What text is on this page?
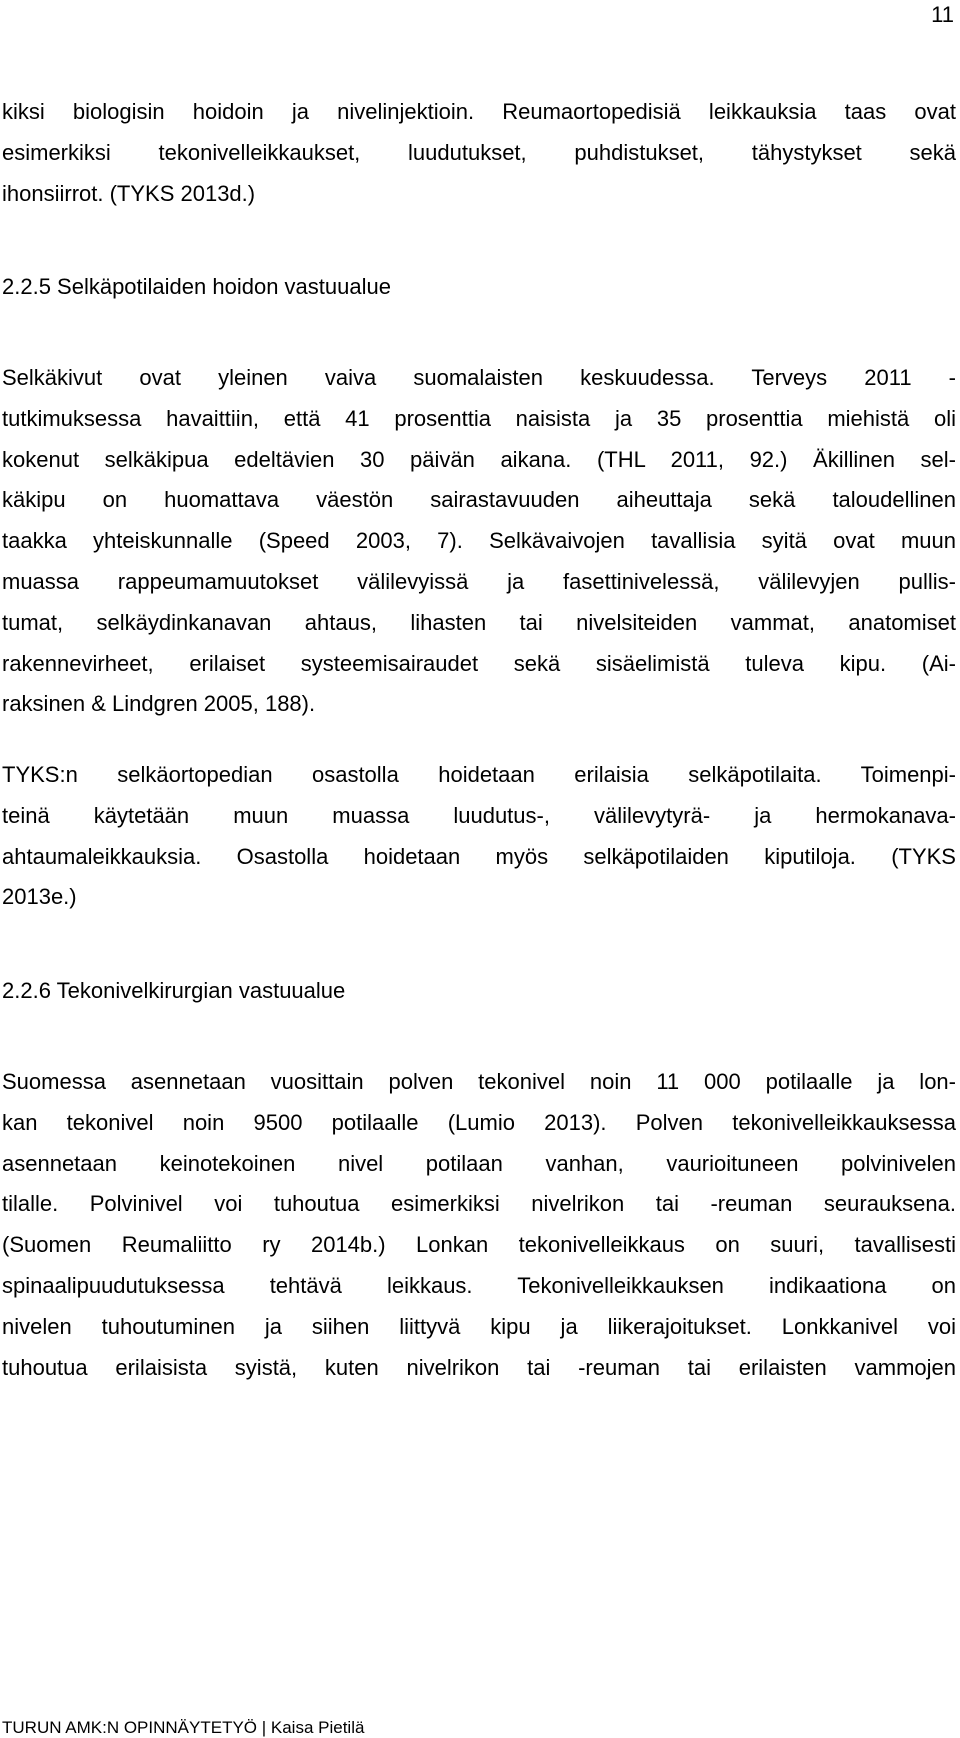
11
kiksi biologisin hoidoin ja nivelinjektioin. Reumaortopedisiä leikkauksia taas ovat
esimerkiksi tekonivelleikkaukset, luudutukset, puhdistukset, tähystykset sekä
ihonsiirrot. (TYKS 2013d.)
2.2.5 Selkäpotilaiden hoidon vastuualue
Selkäkivut ovat yleinen vaiva suomalaisten keskuudessa. Terveys 2011 -
tutkimuksessa havaittiin, että 41 prosenttia naisista ja 35 prosenttia miehistä oli
kokenut selkäkipua edeltävien 30 päivän aikana. (THL 2011, 92.) Äkillinen sel-
käkipu on huomattava väestön sairastavuuden aiheuttaja sekä taloudellinen
taakka yhteiskunnalle (Speed 2003, 7). Selkävaivojen tavallisia syitä ovat muun
muassa rappeumamuutokset välilevyissä ja fasettinivelessä, välilevyjen pullis-
tumat, selkäydinkanavan ahtaus, lihasten tai nivelsiteiden vammat, anatomiset
rakennevirheet, erilaiset systeemisairaudet sekä sisäelimistä tuleva kipu. (Ai-
raksinen & Lindgren 2005, 188).
TYKS:n selkäortopedian osastolla hoidetaan erilaisia selkäpotilaita. Toimenpi-
teinä käytetään muun muassa luudutus-, välilevytyrä- ja hermokanava-
ahtaumaleikkauksia. Osastolla hoidetaan myös selkäpotilaiden kiputiloja. (TYKS
2013e.)
2.2.6 Tekonivelkirurgian vastuualue
Suomessa asennetaan vuosittain polven tekonivel noin 11 000 potilaalle ja lon-
kan tekonivel noin 9500 potilaalle (Lumio 2013). Polven tekonivelleikkauksessa
asennetaan keinotekoinen nivel potilaan vanhan, vaurioituneen polvinivelen
tilalle. Polvinivel voi tuhoutua esimerkiksi nivelrikon tai -reuman seurauksena.
(Suomen Reumaliitto ry 2014b.) Lonkan tekonivelleikkaus on suuri, tavallisesti
spinaalipuudutuksessa tehtävä leikkaus. Tekonivelleikkauksen indikaationa on
nivelen tuhoutuminen ja siihen liittyvä kipu ja liikerajoitukset. Lonkkanivel voi
tuhoutua erilaisista syistä, kuten nivelrikon tai -reuman tai erilaisten vammojen
TURUN AMK:N OPINNÄYTETYÖ | Kaisa Pietilä
